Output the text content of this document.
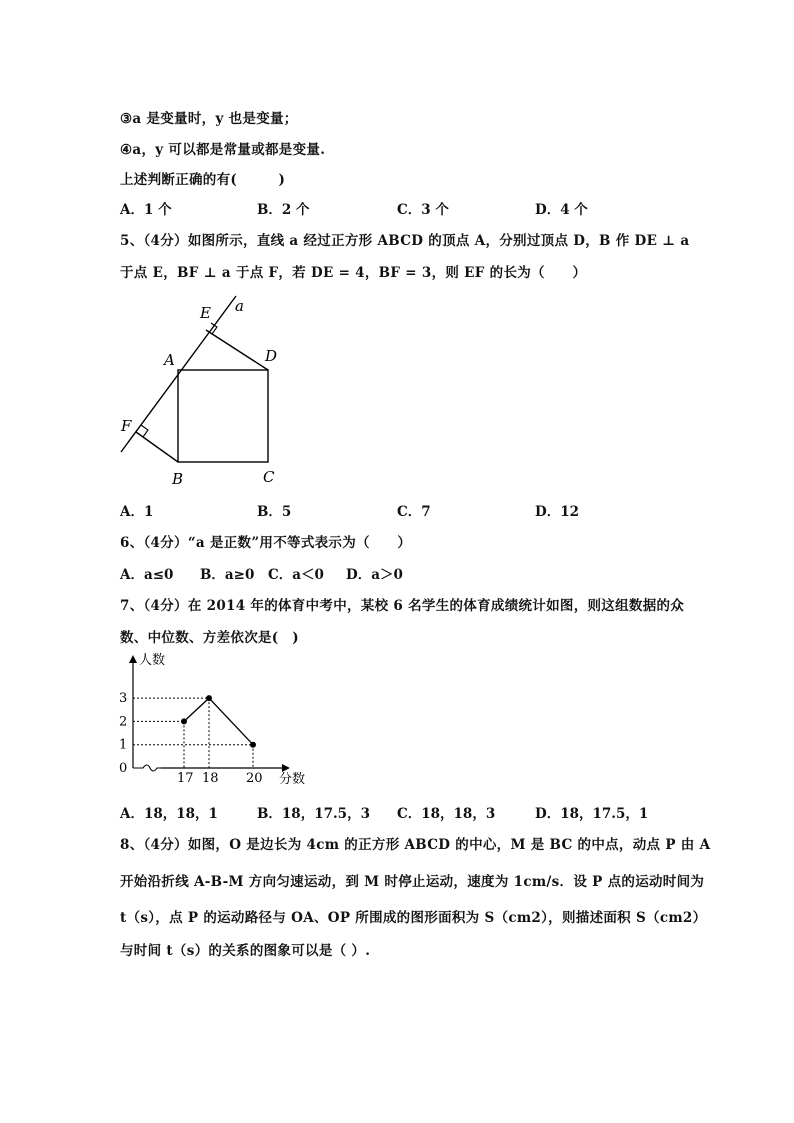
③a 是变量时，y 也是变量；
④a，y 可以都是常量或都是变量.
上述判断正确的有(　　　)
A．1 个	B．2 个	C．3 个	D．4 个
5、（4分）如图所示，直线 a 经过正方形 ABCD 的顶点 A，分别过顶点 D，B 作 DE ⊥ a
于点 E，BF ⊥ a 于点 F，若 DE = 4，BF = 3，则 EF 的长为（　　）
a
E
D
A
F
B	C
A．1	B．5	C．7	D．12
6、（4分）“a 是正数”用不等式表示为（　　）
A．a≤0 B．a≥0 C．a＜0 D．a＞0
7、（4分）在 2014 年的体育中考中，某校 6 名学生的体育成绩统计如图，则这组数据的众
数、中位数、方差依次是(　)
人数
分数
0
1
2
3
17 18 20
A．18，18，1	B．18，17.5，3 C．18，18，3	D．18，17.5，1
8、（4分）如图，O 是边长为 4cm 的正方形 ABCD 的中心，M 是 BC 的中点，动点 P 由 A
开始沿折线 A-B-M 方向匀速运动，到 M 时停止运动，速度为 1cm/s．设 P 点的运动时间为
t（s），点 P 的运动路径与 OA、OP 所围成的图形面积为 S（cm2），则描述面积 S（cm2）
与时间 t（s）的关系的图象可以是（ ）.
